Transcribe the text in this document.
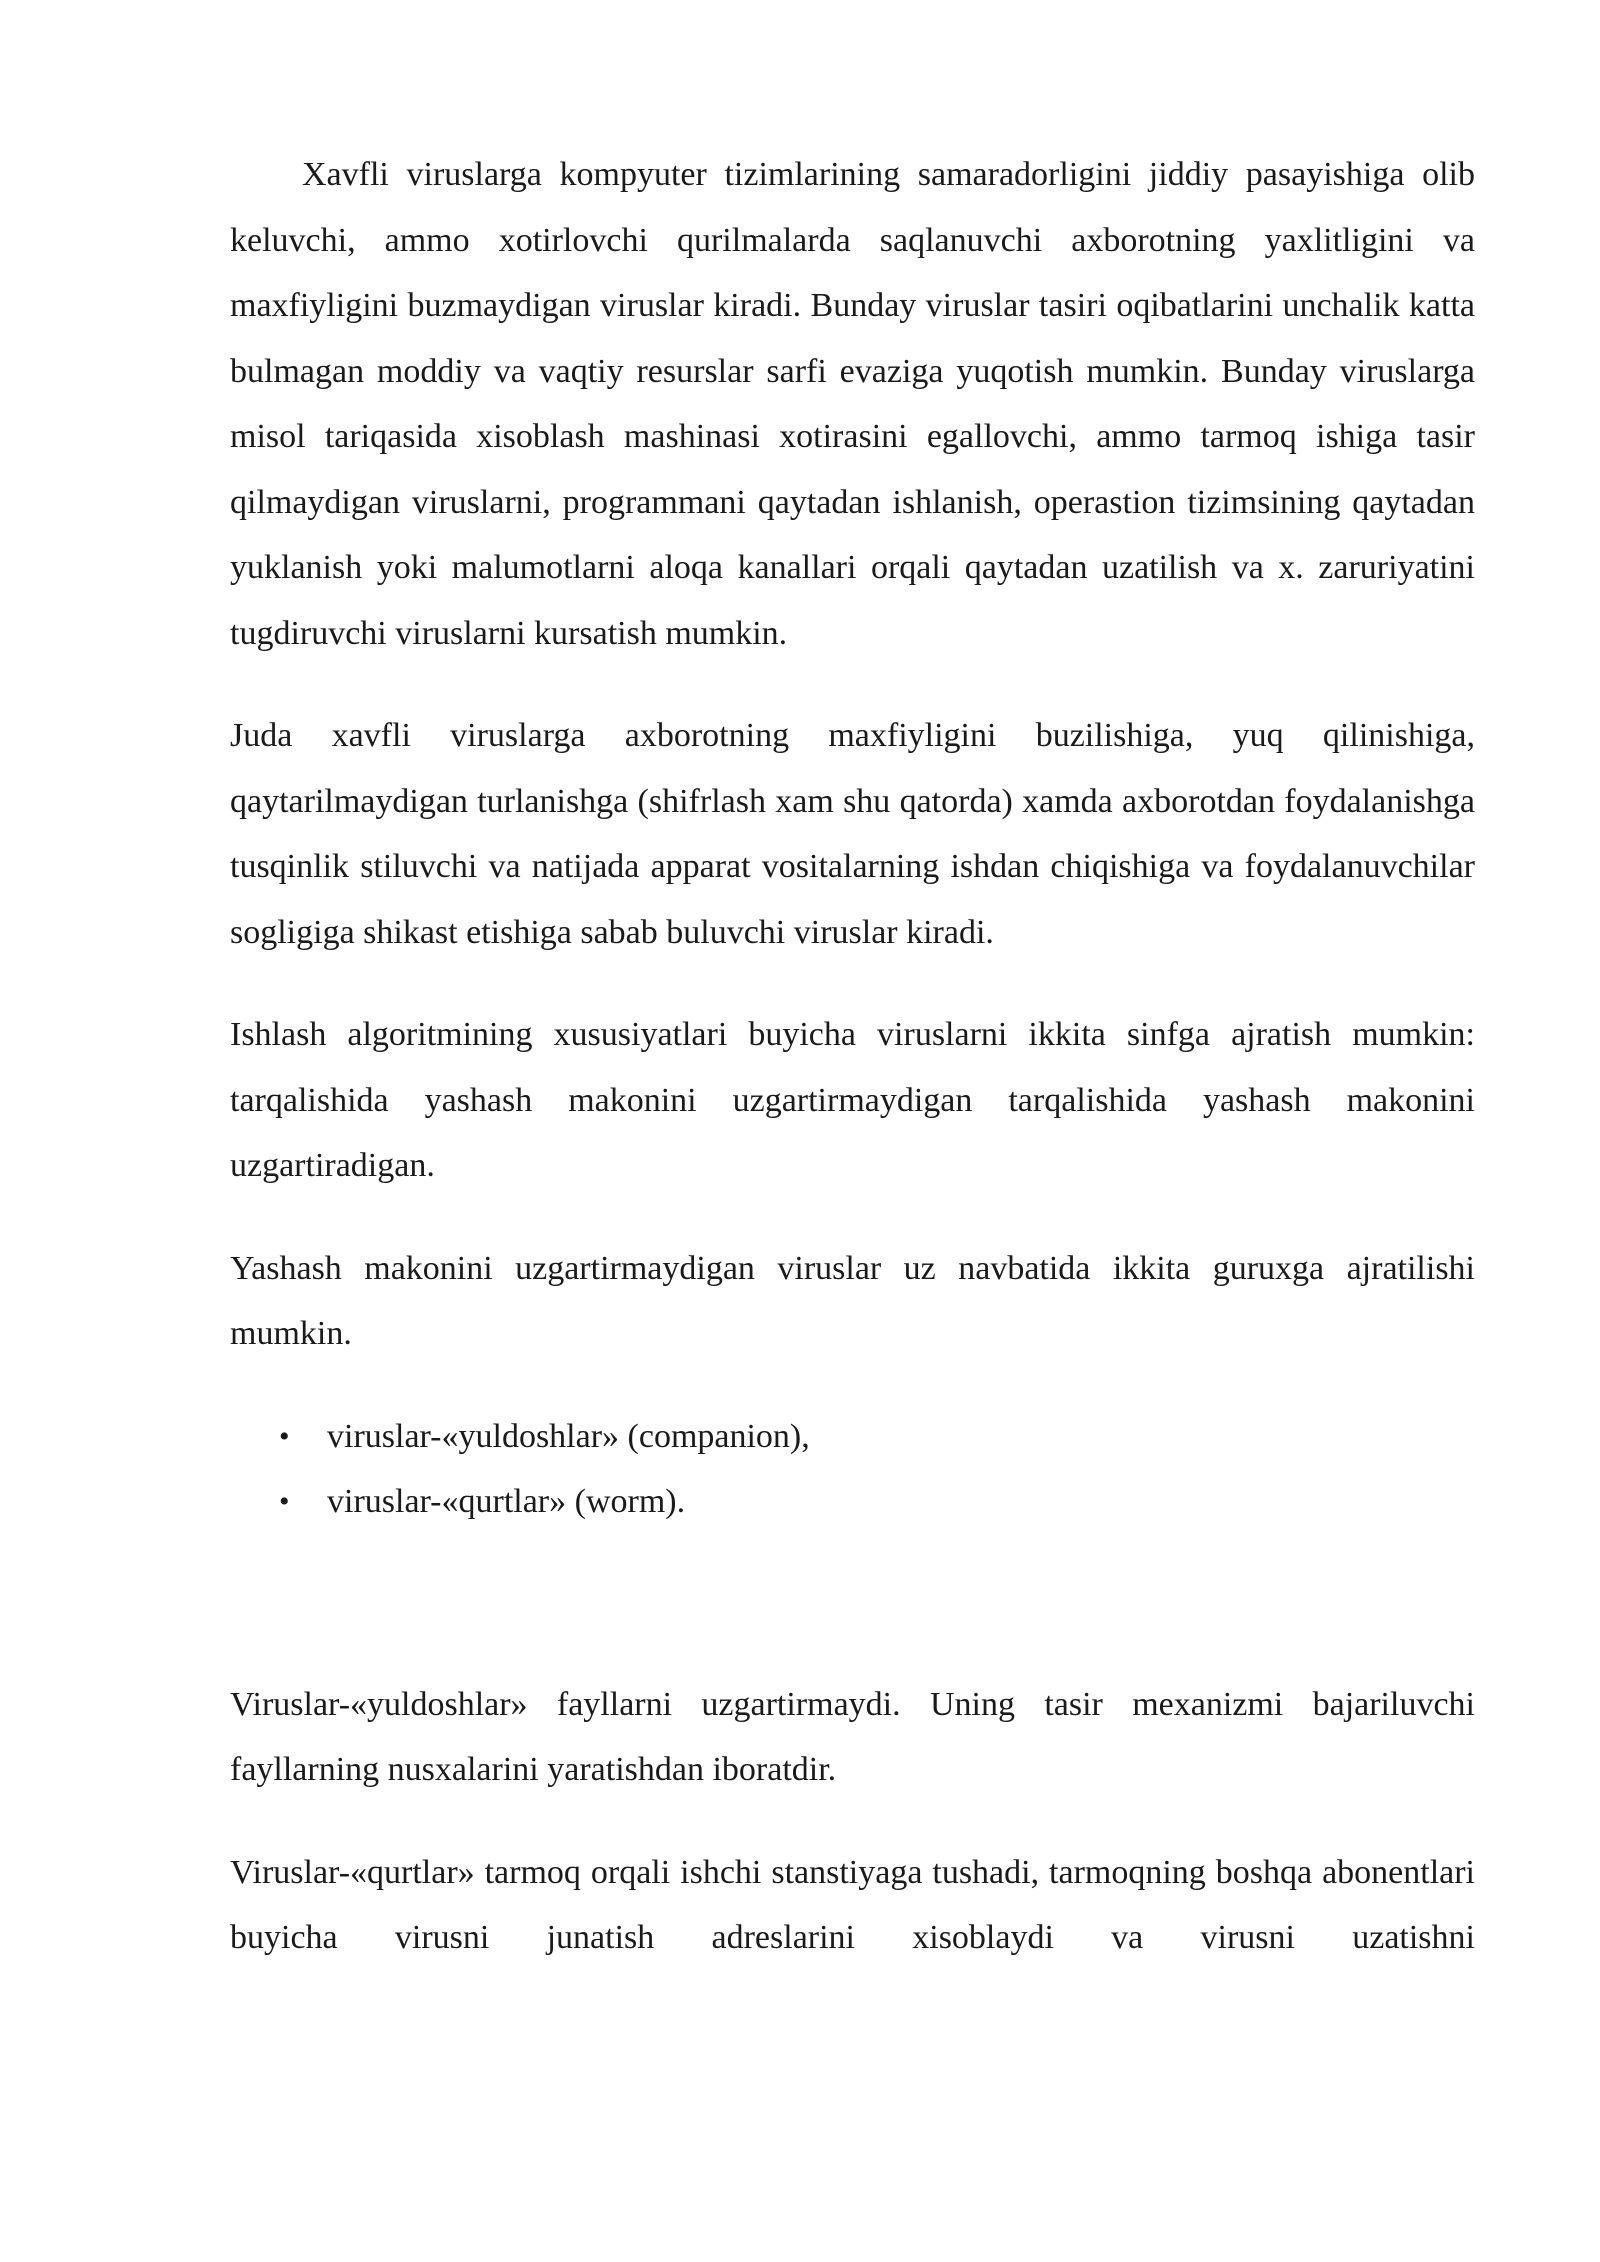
Xavfli viruslarga kompyuter tizimlarining samaradorligini jiddiy pasayishiga olib keluvchi, ammo xotirlovchi qurilmalarda saqlanuvchi axborotning yaxlitligini va maxfiyligini buzmaydigan viruslar kiradi. Bunday viruslar tasiri oqibatlarini unchalik katta bulmagan moddiy va vaqtiy resurslar sarfi evaziga yuqotish mumkin. Bunday viruslarga misol tariqasida xisoblash mashinasi xotirasini egallovchi, ammo tarmoq ishiga tasir qilmaydigan viruslarni, programmani qaytadan ishlanish, operastion tizimsining qaytadan yuklanish yoki malumotlarni aloqa kanallari orqali qaytadan uzatilish va x. zaruriyatini tugdiruvchi viruslarni kursatish mumkin.

Juda xavfli viruslarga axborotning maxfiyligini buzilishiga, yuq qilinishiga, qaytarilmaydigan turlanishga (shifrlash xam shu qatorda) xamda axborotdan foydalanishga tusqinlik stiluvchi va natijada apparat vositalarning ishdan chiqishiga va foydalanuvchilar sogligiga shikast etishiga sabab buluvchi viruslar kiradi.

Ishlash algoritmining xususiyatlari buyicha viruslarni ikkita sinfga ajratish mumkin: tarqalishida yashash makonini uzgartirmaydigan tarqalishida yashash makonini uzgartiradigan.

Yashash makonini uzgartirmaydigan viruslar uz navbatida ikkita guruxga ajratilishi mumkin.

• viruslar-«yuldoshlar» (companion),
• viruslar-«qurtlar» (worm).

Viruslar-«yuldoshlar» fayllarni uzgartirmaydi. Uning tasir mexanizmi bajariluvchi fayllarning nusxalarini yaratishdan iboratdir.

Viruslar-«qurtlar» tarmoq orqali ishchi stanstiyaga tushadi, tarmoqning boshqa abonentlari buyicha virusni junatish adreslarini xisoblaydi va virusni uzatishni
